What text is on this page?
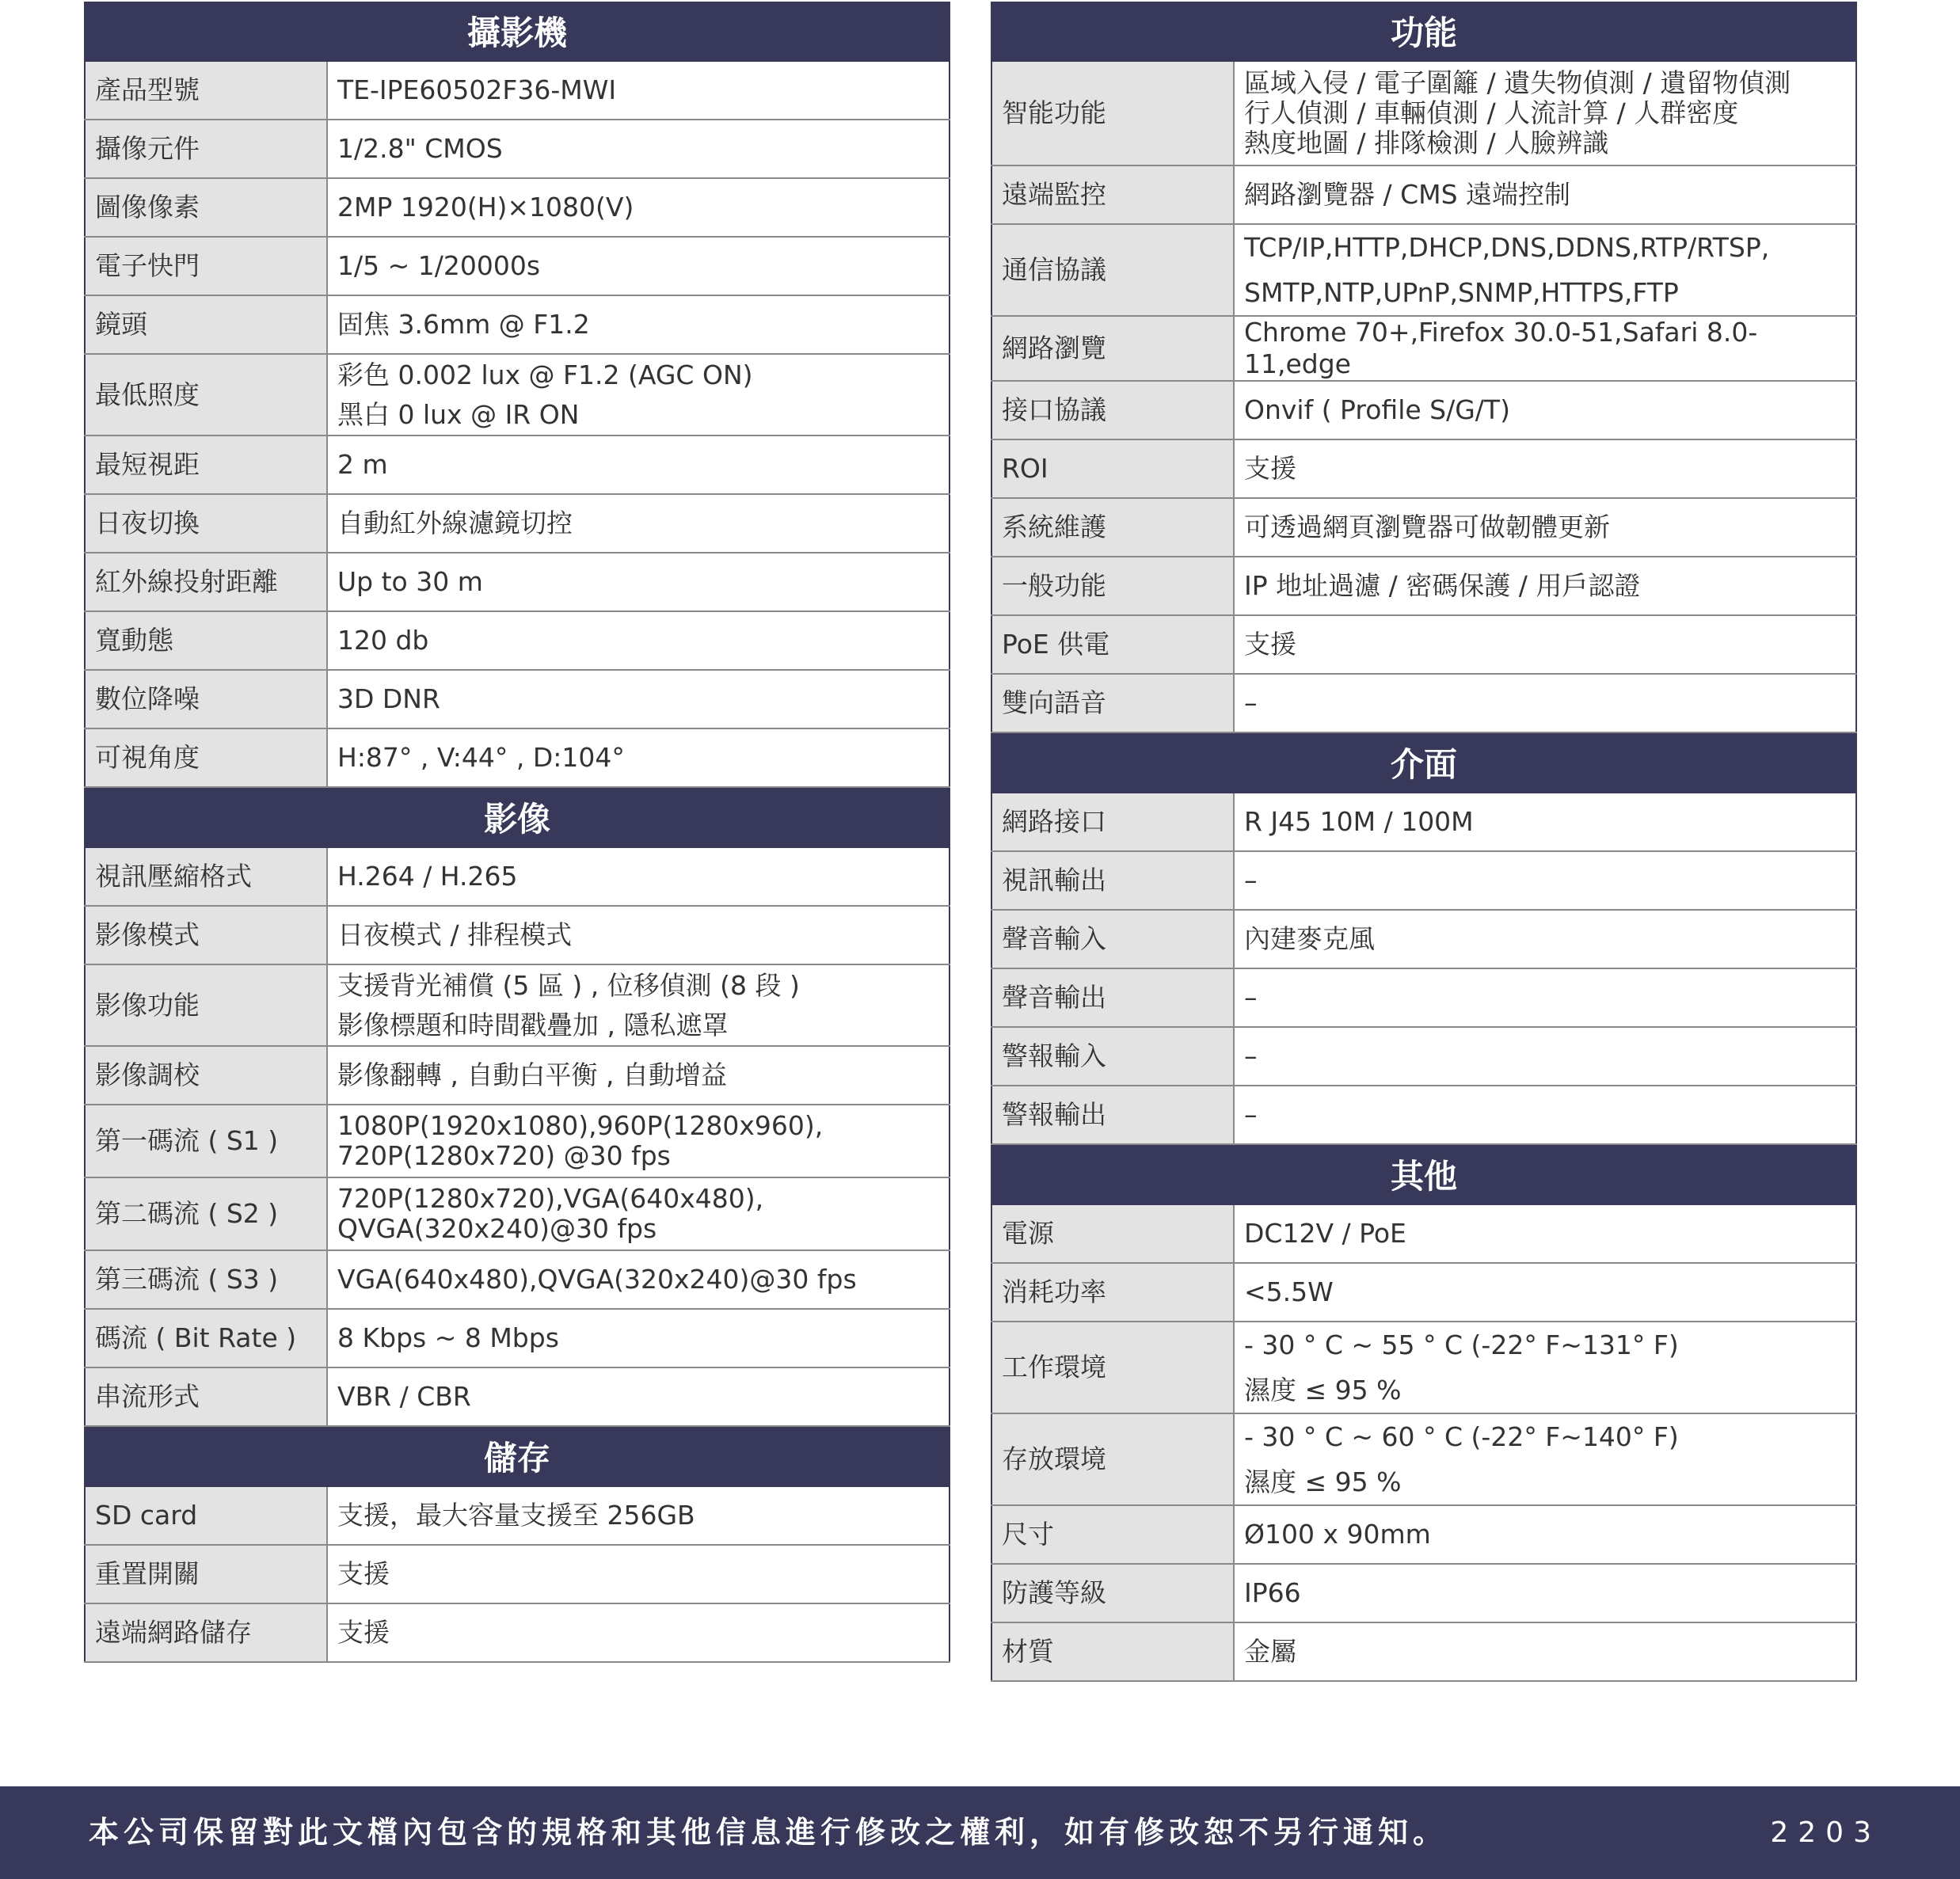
攝影機	
產品型號	TE-IPE60502F36-MWI

攝像元件	1/2.8" CMOS

圖像像素	2MP 1920(H)×1080(V)

電子快門	1/5 ~ 1/20000s

鏡頭	固焦 3.6mm @ F1.2

最低照度	彩色 0.002 lux @ F1.2 (AGC ON)
黑白 0 lux @ IR ON

最短視距	2 m

日夜切換	自動紅外線濾鏡切控

紅外線投射距離	Up to 30 m

寬動態	120 db

數位降噪	3D DNR

可視角度	H:87° , V:44° , D:104°

影像	
視訊壓縮格式	H.264 / H.265

影像模式	日夜模式 / 排程模式

影像功能	支援背光補償 (5 區 ) , 位移偵測 (8 段 )
影像標題和時間戳疊加 , 隱私遮罩

影像調校	影像翻轉 , 自動白平衡 , 自動增益

第一碼流 ( S1 )	1080P(1920x1080),960P(1280x960),
720P(1280x720) @30 fps

第二碼流 ( S2 )	720P(1280x720),VGA(640x480),
QVGA(320x240)@30 fps

第三碼流 ( S3 )	VGA(640x480),QVGA(320x240)@30 fps

碼流 ( Bit Rate )	8 Kbps ~ 8 Mbps

串流形式	VBR / CBR

儲存	
SD card	支援，最大容量支援至 256GB

重置開關	支援

遠端網路儲存	支援
功能	
智能功能	區域入侵 / 電子圍籬 / 遺失物偵測 / 遺留物偵測
行人偵測 / 車輛偵測 / 人流計算 / 人群密度
熱度地圖 / 排隊檢測 / 人臉辨識

遠端監控	網路瀏覽器 / CMS 遠端控制

通信協議	TCP/IP,HTTP,DHCP,DNS,DDNS,RTP/RTSP,
SMTP,NTP,UPnP,SNMP,HTTPS,FTP

網路瀏覽	Chrome 70+,Firefox 30.0-51,Safari 8.0-11,edge

接口協議	Onvif ( Profile S/G/T)

ROI	支援

系統維護	可透過網頁瀏覽器可做韌體更新

一般功能	IP 地址過濾 / 密碼保護 / 用戶認證

PoE 供電	支援

雙向語音	–

介面	
網路接口	R J45 10M / 100M

視訊輸出	–

聲音輸入	內建麥克風

聲音輸出	–

警報輸入	–

警報輸出	–

其他	
電源	DC12V / PoE

消耗功率	<5.5W

工作環境	- 30 ° C ~ 55 ° C (-22° F~131° F)
濕度 ≤ 95 %

存放環境	- 30 ° C ~ 60 ° C (-22° F~140° F)
濕度 ≤ 95 %

尺寸	Ø100 x 90mm

防護等級	IP66

材質	金屬
本公司保留對此文檔內包含的規格和其他信息進行修改之權利，如有修改恕不另行通知。	2203
